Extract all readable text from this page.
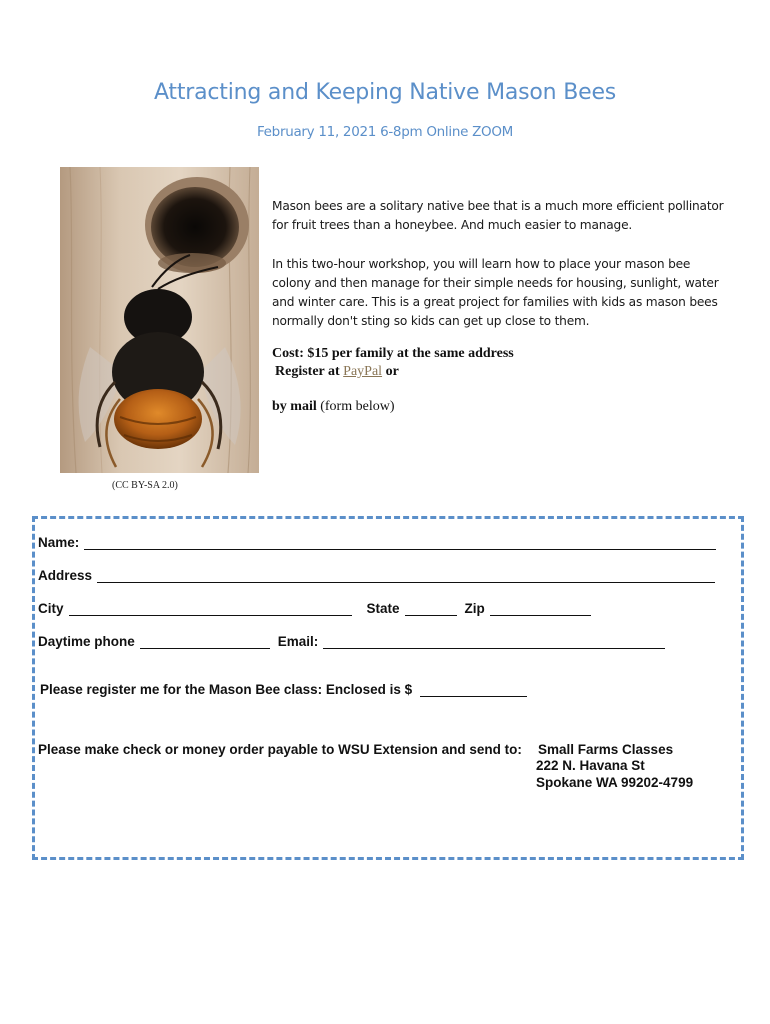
Attracting and Keeping Native Mason Bees
February 11, 2021 6-8pm Online ZOOM
(CC BY-SA 2.0)
Mason bees are a solitary native bee that is a much more efficient pollinator for fruit trees than a honeybee. And much easier to manage.
In this two-hour workshop, you will learn how to place your mason bee colony and then manage for their simple needs for housing, sunlight, water and winter care. This is a great project for families with kids as mason bees normally don't sting so kids can get up close to them.
Cost: $15 per family at the same address
Register at PayPal or
by mail (form below)
Name:
Address
City	State	Zip
Daytime phone	Email:
Please register me for the Mason Bee class: Enclosed is $
Please make check or money order payable to WSU Extension and send to: Small Farms Classes
222 N. Havana St
Spokane WA 99202-4799
